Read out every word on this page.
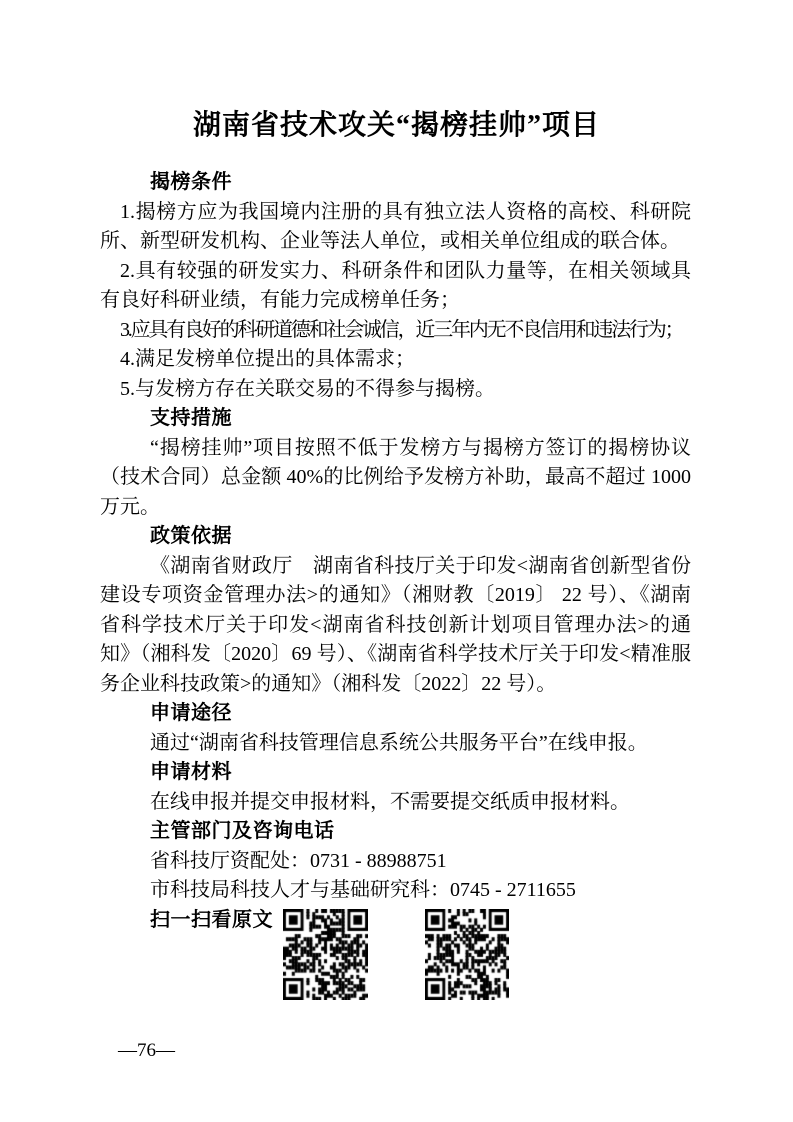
湖南省技术攻关“揭榜挂帅”项目

揭榜条件

1.揭榜方应为我国境内注册的具有独立法人资格的高校、科研院所、新型研发机构、企业等法人单位，或相关单位组成的联合体。

2.具有较强的研发实力、科研条件和团队力量等，在相关领域具有良好科研业绩，有能力完成榜单任务；

3.应具有良好的科研道德和社会诚信，近三年内无不良信用和违法行为；

4.满足发榜单位提出的具体需求；

5.与发榜方存在关联交易的不得参与揭榜。

支持措施

“揭榜挂帅”项目按照不低于发榜方与揭榜方签订的揭榜协议（技术合同）总金额 40%的比例给予发榜方补助，最高不超过 1000 万元。

政策依据

《湖南省财政厅　湖南省科技厅关于印发<湖南省创新型省份建设专项资金管理办法>的通知》（湘财教〔2019〕 22 号）、《湖南省科学技术厅关于印发<湖南省科技创新计划项目管理办法>的通知》（湘科发〔2020〕69 号）、《湖南省科学技术厅关于印发<精准服务企业科技政策>的通知》（湘科发〔2022〕22 号）。

申请途径

通过“湖南省科技管理信息系统公共服务平台”在线申报。

申请材料

在线申报并提交申报材料，不需要提交纸质申报材料。

主管部门及咨询电话

省科技厅资配处：0731 - 88988751

市科技局科技人才与基础研究科：0745 - 2711655

扫一扫看原文

—76—
